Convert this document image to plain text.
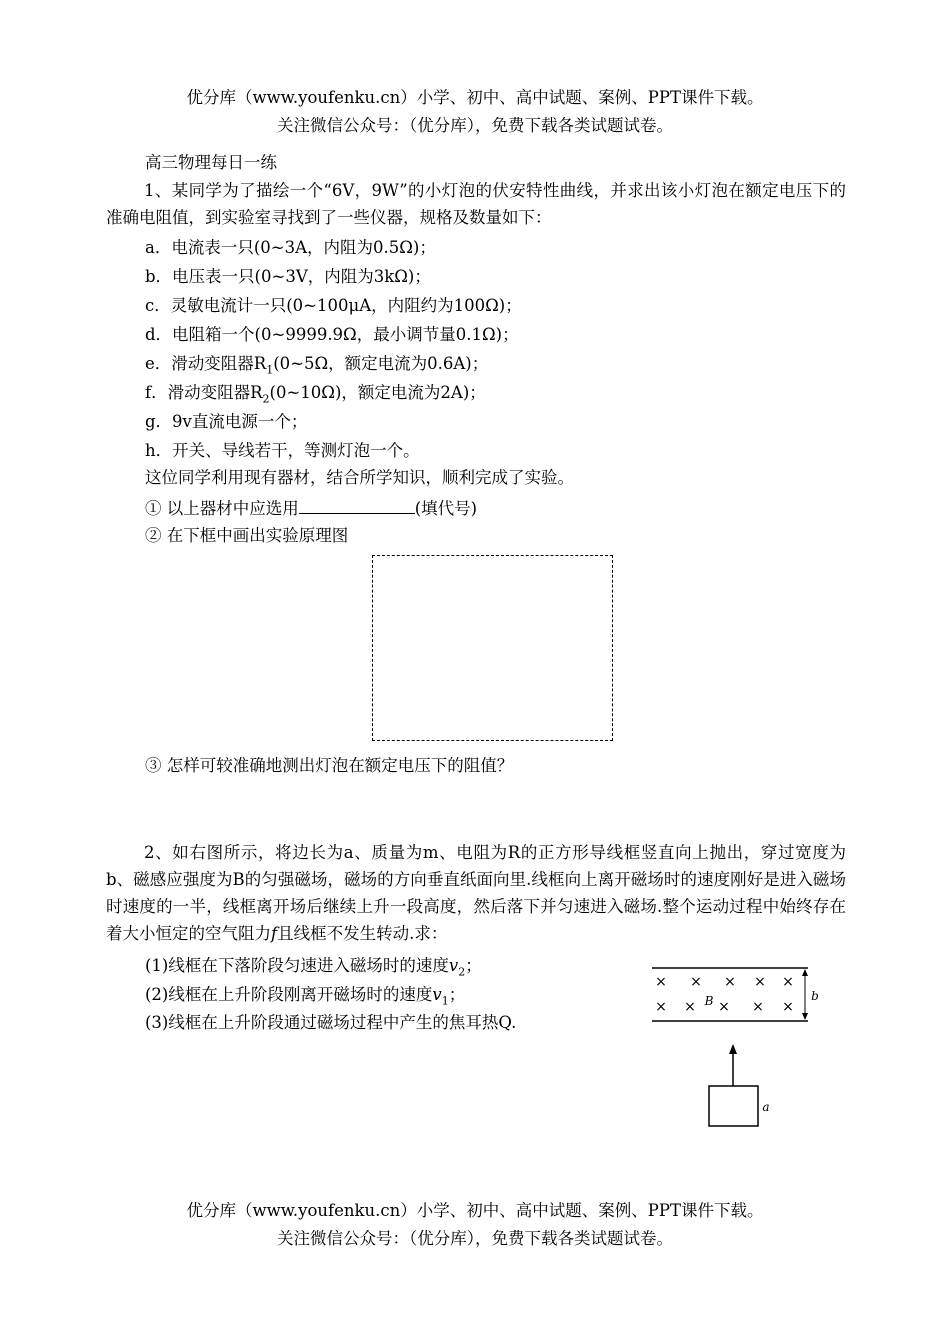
优分库（www.youfenku.cn）小学、初中、高中试题、案例、PPT课件下载。
关注微信公众号：（优分库），免费下载各类试题试卷。
高三物理每日一练
1、某同学为了描绘一个“6V，9W”的小灯泡的伏安特性曲线，并求出该小灯泡在额定电压下的准确电阻值，到实验室寻找到了一些仪器，规格及数量如下：
a．电流表一只(0~3A，内阻为0.5Ω)；
b．电压表一只(0~3V，内阻为3kΩ)；
c．灵敏电流计一只(0~100μA，内阻约为100Ω)；
d．电阻箱一个(0~9999.9Ω，最小调节量0.1Ω)；
e．滑动变阻器$R_1(0\sim 5\Omega$，额定电流为0.6A)；
f．滑动变阻器$R_2(0\sim 10\Omega)$，额定电流为2A)；
g．9v直流电源一个；
h．开关、导线若干，等测灯泡一个。
这位同学利用现有器材，结合所学知识，顺利完成了实验。
① 以上器材中应选用	(填代号)
② 在下框中画出实验原理图
③ 怎样可较准确地测出灯泡在额定电压下的阻值？
2、如右图所示，将边长为a、质量为m、电阻为R的正方形导线框竖直向上抛出，穿过宽度为b、磁感应强度为B的匀强磁场，磁场的方向垂直纸面向里.线框向上离开磁场时的速度刚好是进入磁场时速度的一半，线框离开场后继续上升一段高度，然后落下并匀速进入磁场.整个运动过程中始终存在着大小恒定的空气阻力f且线框不发生转动.求：
(1)线框在下落阶段匀速进入磁场时的速度$v_2$；
(2)线框在上升阶段刚离开磁场时的速度$v_1$；
(3)线框在上升阶段通过磁场过程中产生的焦耳热Q.
× × × × ×
× × × × ×
B	b
a
优分库（www.youfenku.cn）小学、初中、高中试题、案例、PPT课件下载。
关注微信公众号：（优分库），免费下载各类试题试卷。
